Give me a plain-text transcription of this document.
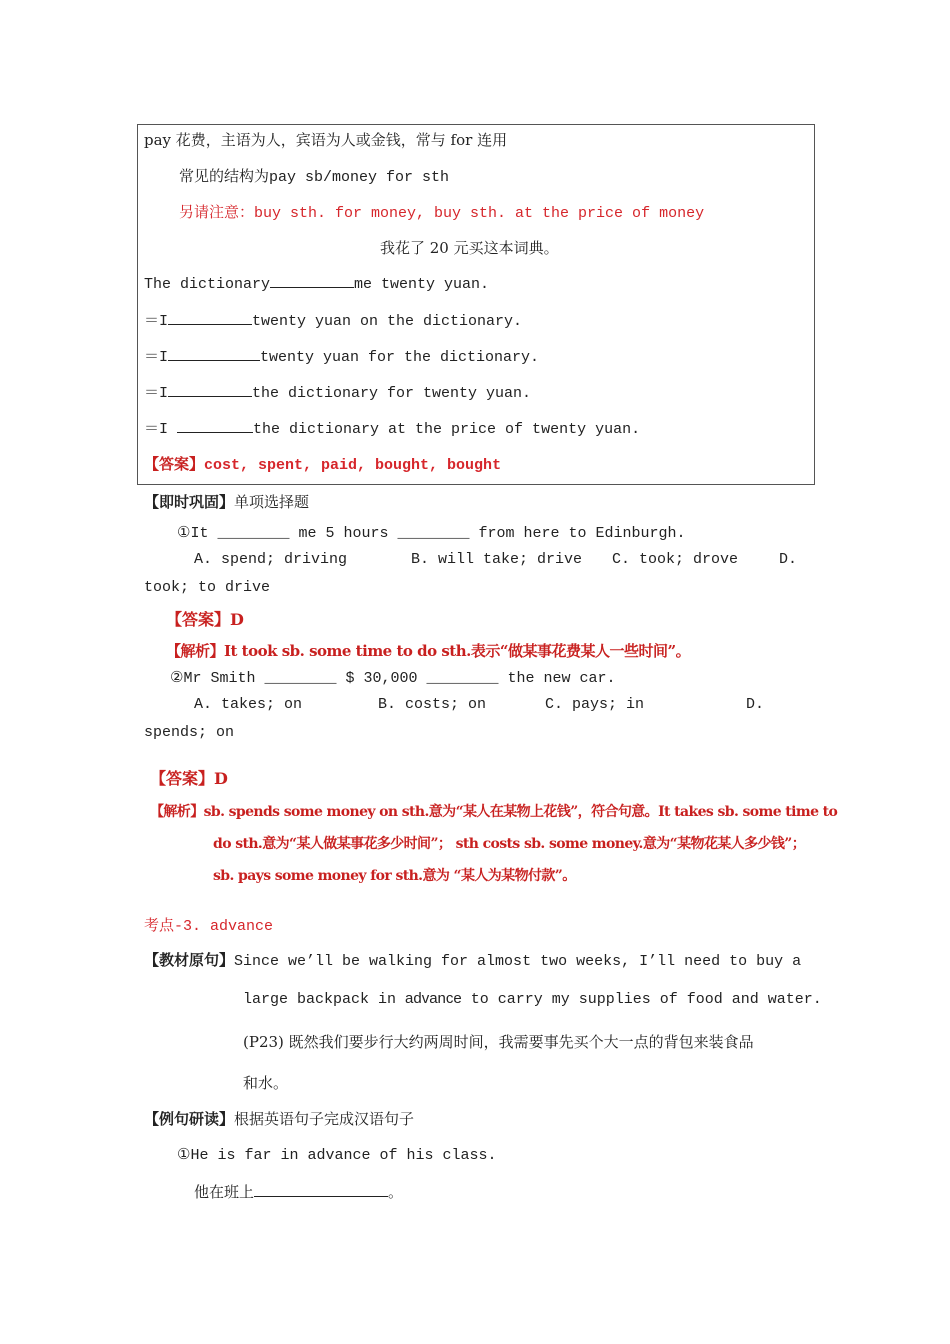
pay 花费，主语为人，宾语为人或金钱，常与 for 连用
常见的结构为pay sb/money for sth
另请注意：buy sth. for money, buy sth. at the price of money
我花了 20 元买这本词典。
The dictionary	me twenty yuan.
＝I	twenty yuan on the dictionary.
＝I	twenty yuan for the dictionary.
＝I	the dictionary for twenty yuan.
＝I	the dictionary at the price of twenty yuan.
【答案】cost, spent, paid, bought, bought
【即时巩固】单项选择题
①It ________ me 5 hours ________ from here to Edinburgh.
A. spend; driving	B. will take; drive C. took; drove	D.
took; to drive
【答案】D
【解析】It took sb. some time to do sth.表示“做某事花费某人一些时间”。
②Mr Smith ________ $ 30,000 ________ the new car.
A. takes; on	B. costs; on	C. pays; in	D.
spends; on
【答案】D
【解析】sb. spends some money on sth.意为“某人在某物上花钱”，符合句意。It takes sb. some time to
do sth.意为“某人做某事花多少时间”； sth costs sb. some money.意为“某物花某人多少钱”；
sb. pays some money for sth.意为 “某人为某物付款”。
考点-3. advance
【教材原句】Since we’ll be walking for almost two weeks, I’ll need to buy a
large backpack in advance to carry my supplies of food and water.
(P23) 既然我们要步行大约两周时间，我需要事先买个大一点的背包来装食品
和水。
【例句研读】根据英语句子完成汉语句子
①He is far in advance of his class.
他在班上	。
